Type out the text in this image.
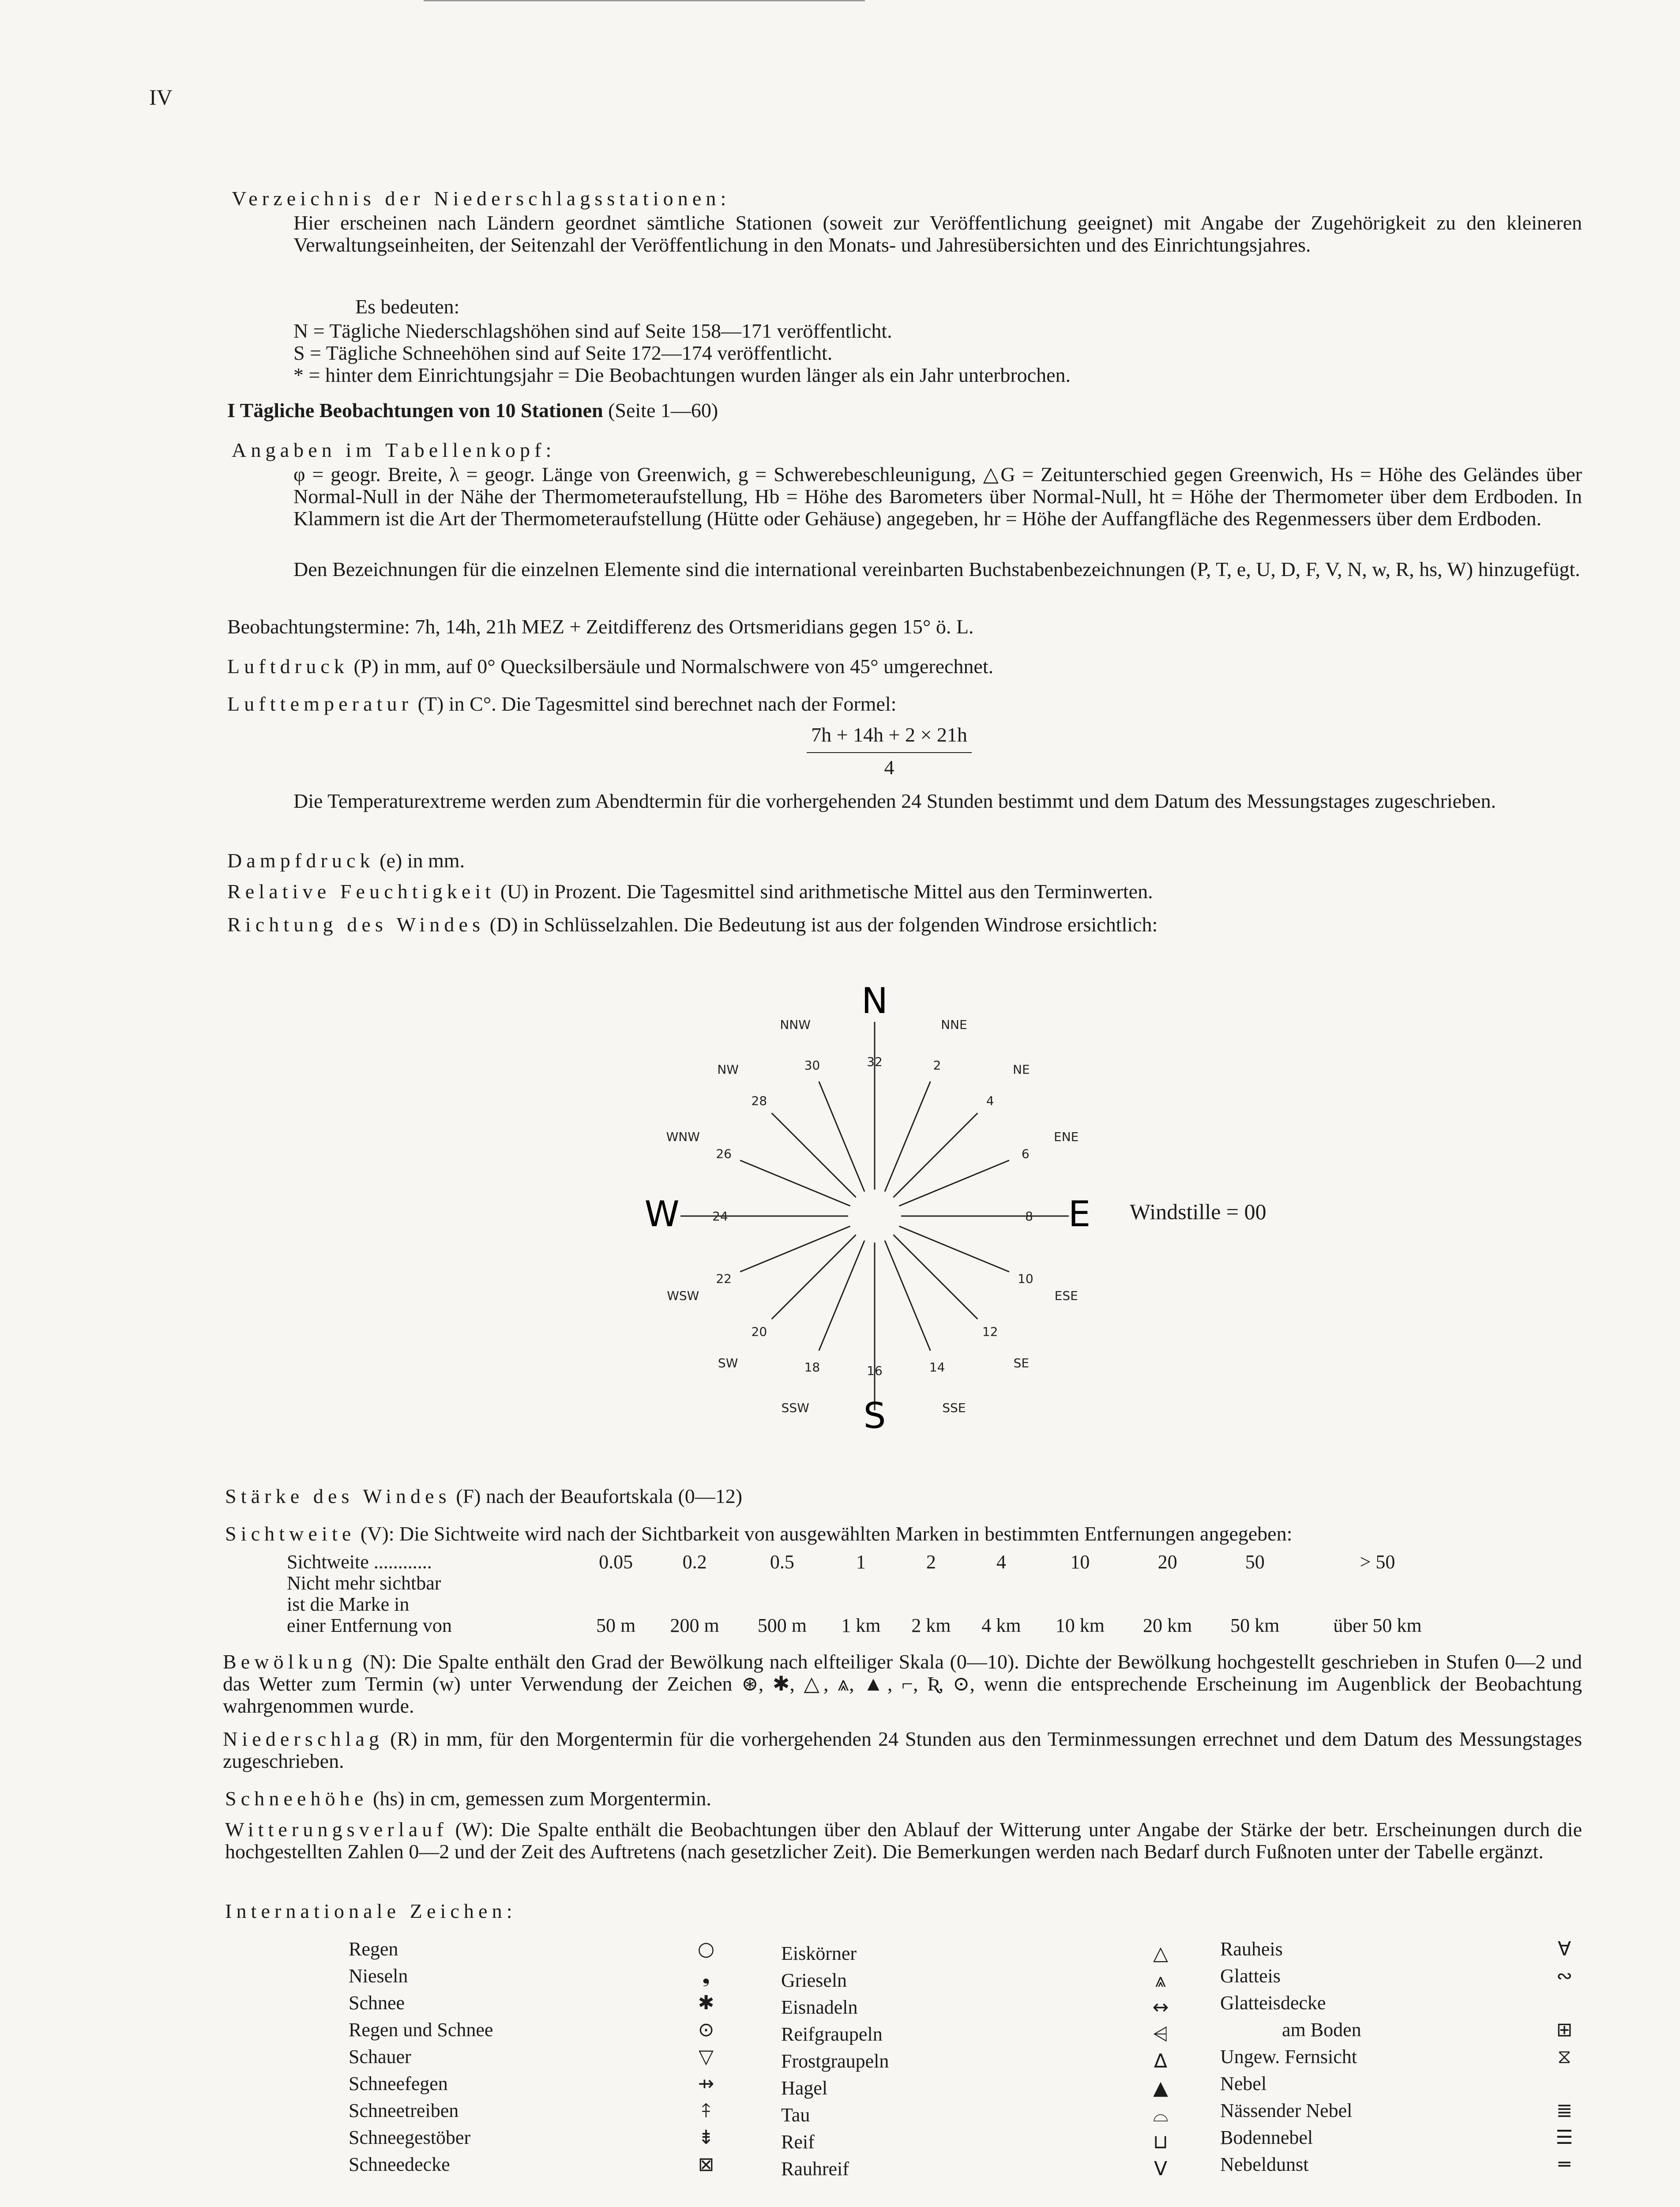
IV
Verzeichnis der Niederschlagsstationen:
Hier erscheinen nach Ländern geordnet sämtliche Stationen (soweit zur Veröffentlichung geeignet) mit Angabe der Zugehörigkeit zu den kleineren Verwaltungseinheiten, der Seitenzahl der Veröffentlichung in den Monats- und Jahresübersichten und des Einrichtungsjahres.
Es bedeuten:
N = Tägliche Niederschlagshöhen sind auf Seite 158—171 veröffentlicht.
S = Tägliche Schneehöhen sind auf Seite 172—174 veröffentlicht.
* = hinter dem Einrichtungsjahr = Die Beobachtungen wurden länger als ein Jahr unterbrochen.
I Tägliche Beobachtungen von 10 Stationen (Seite 1—60)
Angaben im Tabellenkopf:
φ = geogr. Breite, λ = geogr. Länge von Greenwich, g = Schwerebeschleunigung, △G = Zeitunterschied gegen Greenwich, Hs = Höhe des Geländes über Normal-Null in der Nähe der Thermometeraufstellung, Hb = Höhe des Barometers über Normal-Null, ht = Höhe der Thermometer über dem Erdboden. In Klammern ist die Art der Thermometeraufstellung (Hütte oder Gehäuse) angegeben, hr = Höhe der Auffangfläche des Regenmessers über dem Erdboden.
Den Bezeichnungen für die einzelnen Elemente sind die international vereinbarten Buchstabenbezeichnungen (P, T, e, U, D, F, V, N, w, R, hs, W) hinzugefügt.
Beobachtungstermine: 7h, 14h, 21h MEZ + Zeitdifferenz des Ortsmeridians gegen 15° ö. L.
Luftdruck (P) in mm, auf 0° Quecksilbersäule und Normalschwere von 45° umgerechnet.
Lufttemperatur (T) in C°. Die Tagesmittel sind berechnet nach der Formel:
$\frac{7h + 14h + 2 \times 21h}{4}$
Die Temperaturextreme werden zum Abendtermin für die vorhergehenden 24 Stunden bestimmt und dem Datum des Messungstages zugeschrieben.
Dampfdruck (e) in mm.
Relative Feuchtigkeit (U) in Prozent. Die Tagesmittel sind arithmetische Mittel aus den Terminwerten.
Richtung des Windes (D) in Schlüsselzahlen. Die Bedeutung ist aus der folgenden Windrose ersichtlich:
2
NNE
4
NE
6
ENE
8
10
ESE
12
SE
14
SSE
16
18
SSW
20
SW
22
WSW
24
26
WNW
28
NW	30
NNW
32
N
S
W	E Windstille = 00
Stärke des Windes (F) nach der Beaufortskala (0—12)
Sichtweite (V): Die Sichtweite wird nach der Sichtbarkeit von ausgewählten Marken in bestimmten Entfernungen angegeben:
Sichtweite ............	0.05	0.2	0.5	1	2	4	10	20	50	> 50
Nicht mehr sichtbar										
ist die Marke in										
einer Entfernung von	50 m	200 m	500 m	1 km	2 km	4 km	10 km	20 km	50 km	über 50 km
Bewölkung (N): Die Spalte enthält den Grad der Bewölkung nach elfteiliger Skala (0—10). Dichte der Bewölkung hochgestellt geschrieben in Stufen 0—2 und das Wetter zum Termin (w) unter Verwendung der Zeichen ⊛, ✱, △, ⩓, ▲, ⌐, Ʀ, ⊙, wenn die entsprechende Erscheinung im Augenblick der Beobachtung wahrgenommen wurde.
Niederschlag (R) in mm, für den Morgentermin für die vorhergehenden 24 Stunden aus den Terminmessungen errechnet und dem Datum des Messungstages zugeschrieben.
Schneehöhe (hs) in cm, gemessen zum Morgentermin.
Witterungsverlauf (W): Die Spalte enthält die Beobachtungen über den Ablauf der Witterung unter Angabe der Stärke der betr. Erscheinungen durch die hochgestellten Zahlen 0—2 und der Zeit des Auftretens (nach gesetzlicher Zeit). Die Bemerkungen werden nach Bedarf durch Fußnoten unter der Tabelle ergänzt.
Internationale Zeichen:
Regen	○
Nieseln	❟
Schnee	✱
Regen und Schnee	⊙
Schauer	▽
Schneefegen	⇸
Schneetreiben	⤉
Schneegestöber	⇟
Schneedecke	⊠
Eiskörner	△
Grieseln	⩓
Eisnadeln	↔
Reifgraupeln	⩤
Frostgraupeln	∆
Hagel	▲
Tau	⌓
Reif	⊔
Rauhreif	V
Rauheis	∀
Glatteis	∾
Glatteisdecke
am Boden	⊞
Ungew. Fernsicht	⧖
Nebel
Nässender Nebel	≣
Bodennebel	☰
Nebeldunst	═
